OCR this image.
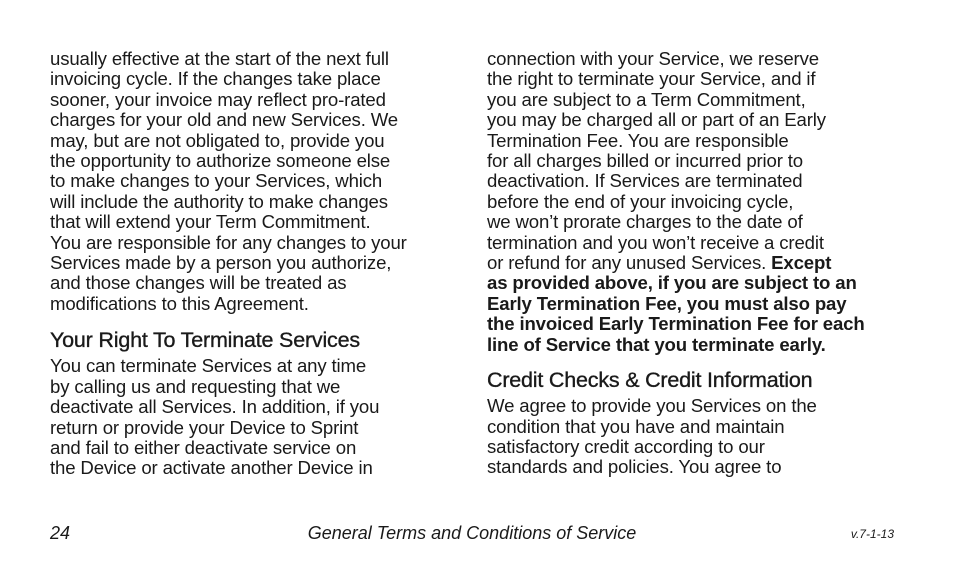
usually effective at the start of the next full
invoicing cycle. If the changes take place
sooner, your invoice may reflect pro-rated
charges for your old and new Services. We
may, but are not obligated to, provide you
the opportunity to authorize someone else
to make changes to your Services, which
will include the authority to make changes
that will extend your Term Commitment.
You are responsible for any changes to your
Services made by a person you authorize,
and those changes will be treated as
modifications to this Agreement.

Your Right To Terminate Services

You can terminate Services at any time
by calling us and requesting that we
deactivate all Services. In addition, if you
return or provide your Device to Sprint
and fail to either deactivate service on
the Device or activate another Device in

connection with your Service, we reserve
the right to terminate your Service, and if
you are subject to a Term Commitment,
you may be charged all or part of an Early
Termination Fee. You are responsible
for all charges billed or incurred prior to
deactivation. If Services are terminated
before the end of your invoicing cycle,
we won’t prorate charges to the date of
termination and you won’t receive a credit
or refund for any unused Services. Except
as provided above, if you are subject to an
Early Termination Fee, you must also pay
the invoiced Early Termination Fee for each
line of Service that you terminate early.

Credit Checks & Credit Information

We agree to provide you Services on the
condition that you have and maintain
satisfactory credit according to our
standards and policies. You agree to

24	General Terms and Conditions of Service	v.7-1-13
